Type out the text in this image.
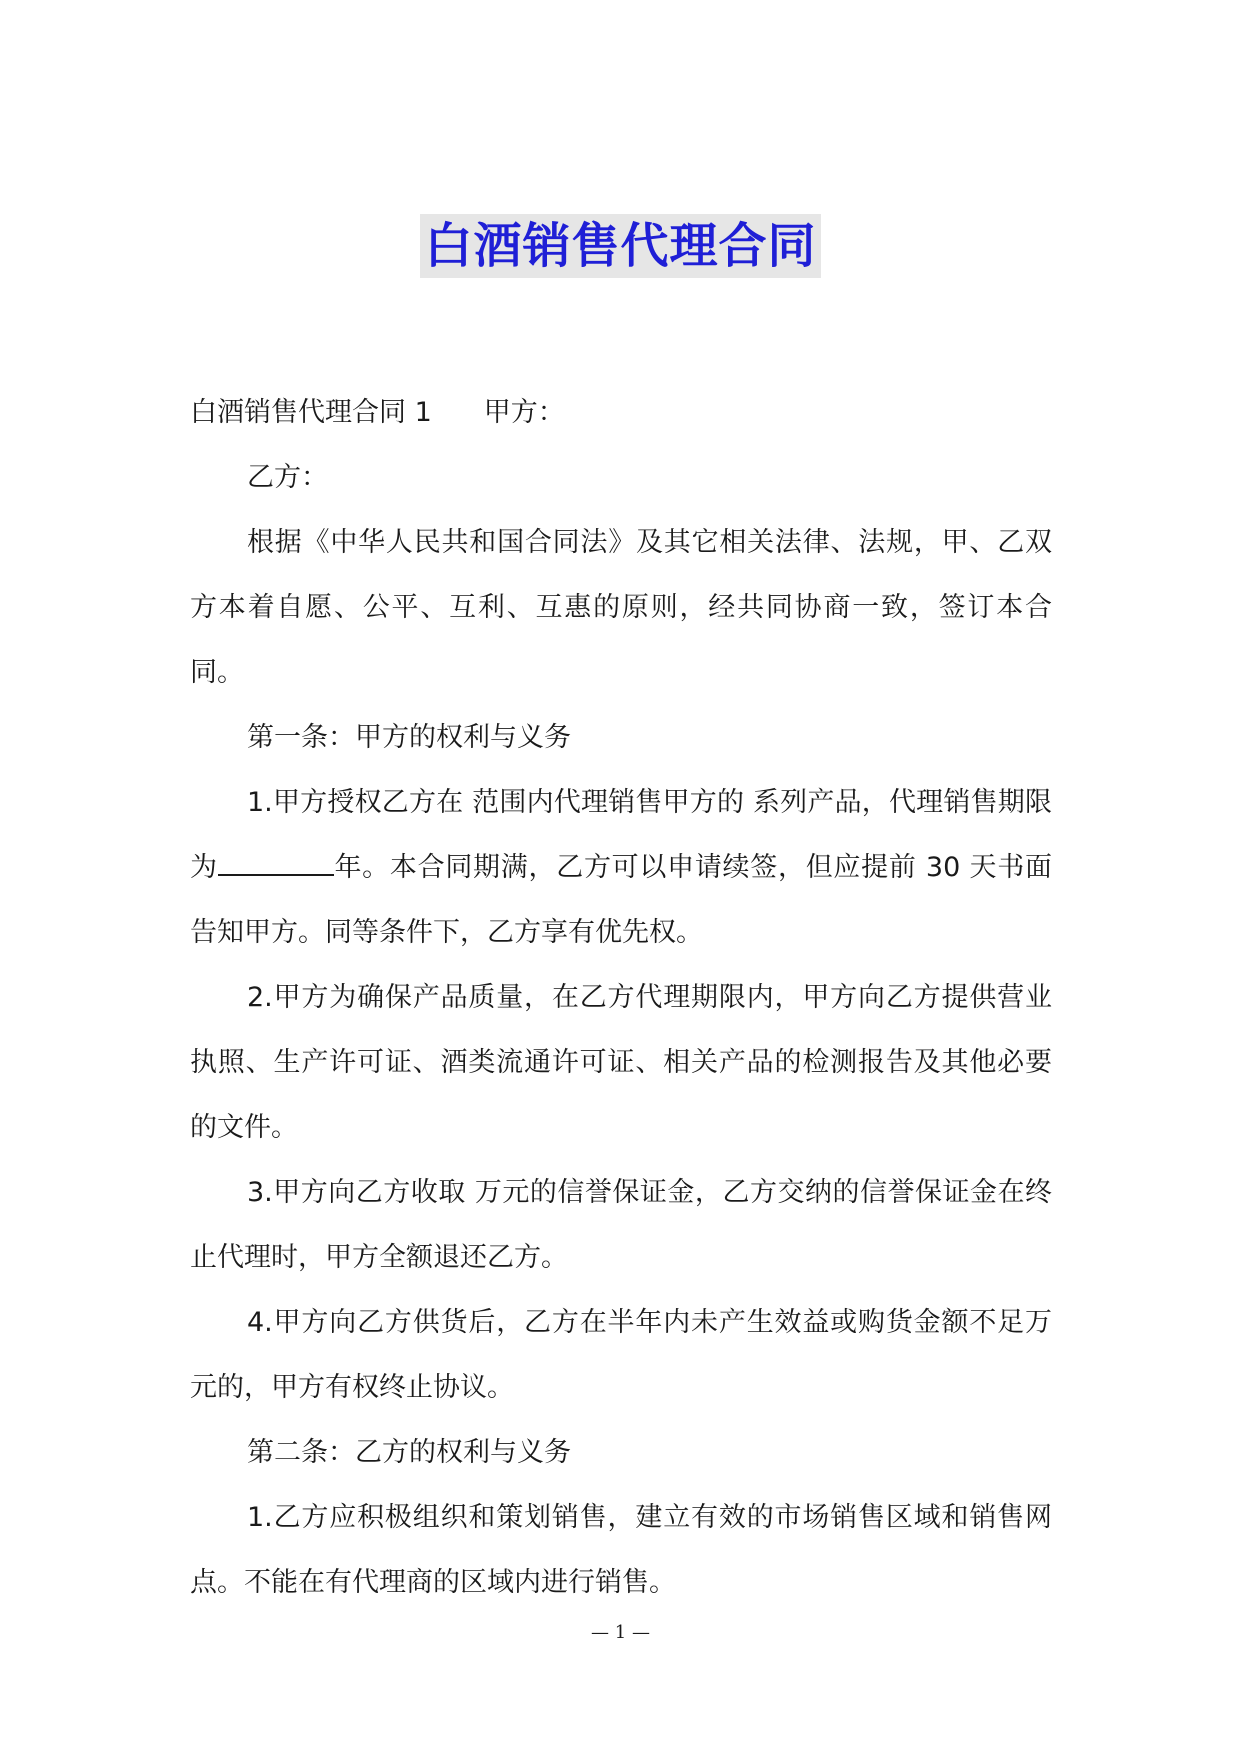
白酒销售代理合同

白酒销售代理合同 1 甲方：

乙方：

根据《中华人民共和国合同法》及其它相关法律、法规，甲、乙双方本着自愿、公平、互利、互惠的原则，经共同协商一致，签订本合同。

第一条：甲方的权利与义务

1.甲方授权乙方在 范围内代理销售甲方的 系列产品，代理销售期限为	年。本合同期满，乙方可以申请续签，但应提前 30 天书面告知甲方。同等条件下，乙方享有优先权。

2.甲方为确保产品质量，在乙方代理期限内，甲方向乙方提供营业执照、生产许可证、酒类流通许可证、相关产品的检测报告及其他必要的文件。

3.甲方向乙方收取 万元的信誉保证金，乙方交纳的信誉保证金在终止代理时，甲方全额退还乙方。

4.甲方向乙方供货后，乙方在半年内未产生效益或购货金额不足万元的，甲方有权终止协议。

第二条：乙方的权利与义务

1.乙方应积极组织和策划销售，建立有效的市场销售区域和销售网点。不能在有代理商的区域内进行销售。

— 1 —
